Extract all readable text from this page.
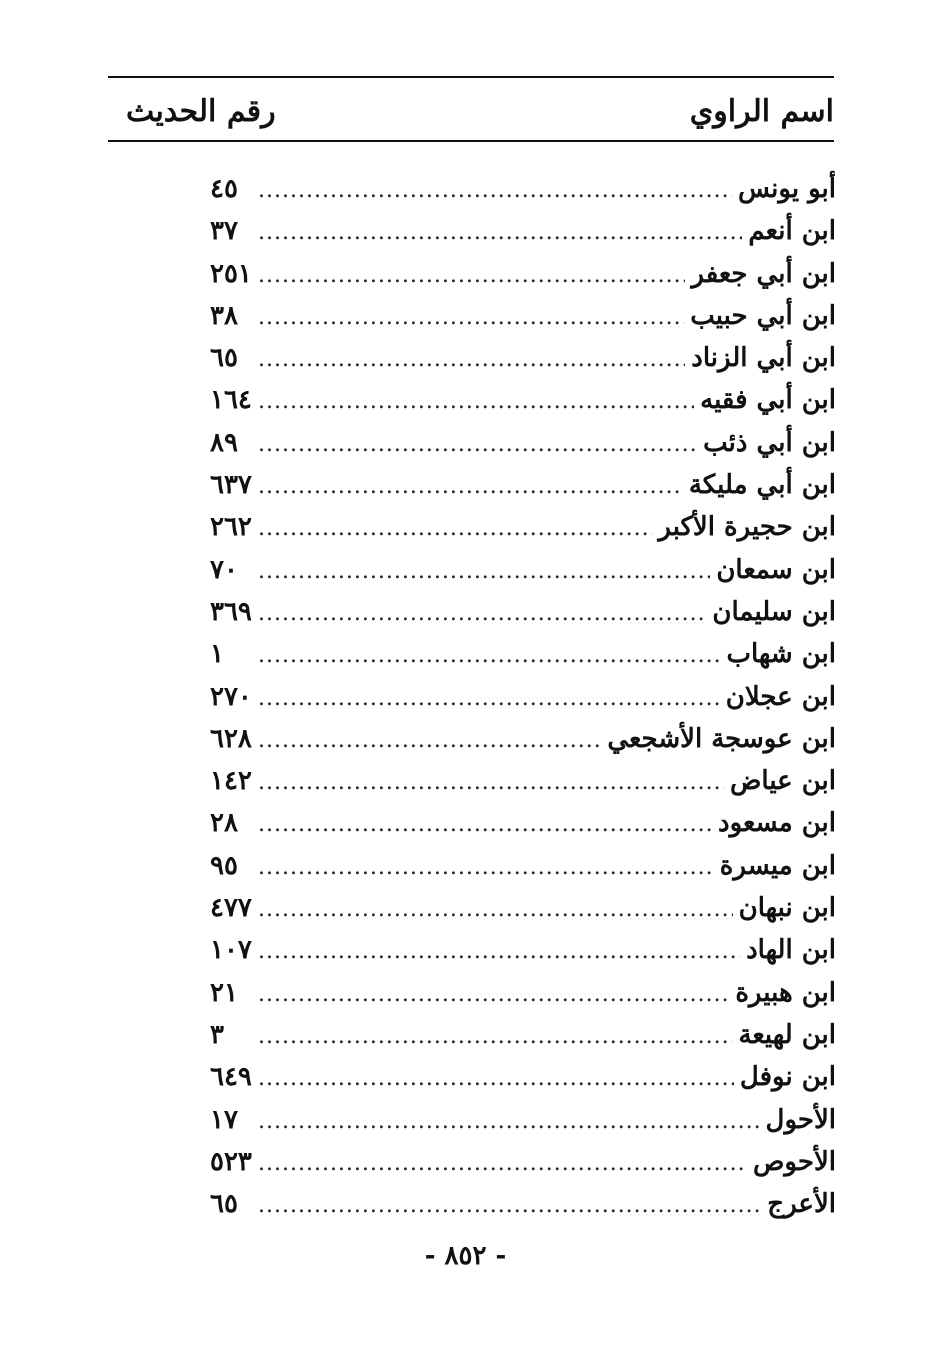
اسم الراوي
رقم الحديث
أبو يونس
.....
٤٥
ابن أنعم
.....
٣٧
ابن أبي جعفر
.....
٢٥١
ابن أبي حبيب
.....
٣٨
ابن أبي الزناد
.....
٦٥
ابن أبي فقيه
.....
١٦٤
ابن أبي ذئب
.....
٨٩
ابن أبي مليكة
.....
٦٣٧
ابن حجيرة الأكبر
.....
٢٦٢
ابن سمعان
.....
٧٠
ابن سليمان
.....
٣٦٩
ابن شهاب
.....
١
ابن عجلان
.....
٢٧٠
ابن عوسجة الأشجعي
.....
٦٢٨
ابن عياض
.....
١٤٢
ابن مسعود
.....
٢٨
ابن ميسرة
.....
٩٥
ابن نبهان
.....
٤٧٧
ابن الهاد
.....
١٠٧
ابن هبيرة
.....
٢١
ابن لهيعة
.....
٣
ابن نوفل
.....
٦٤٩
الأحول
.....
١٧
الأحوص
.....
٥٢٣
الأعرج
.....
٦٥
- ٨٥٢ -
